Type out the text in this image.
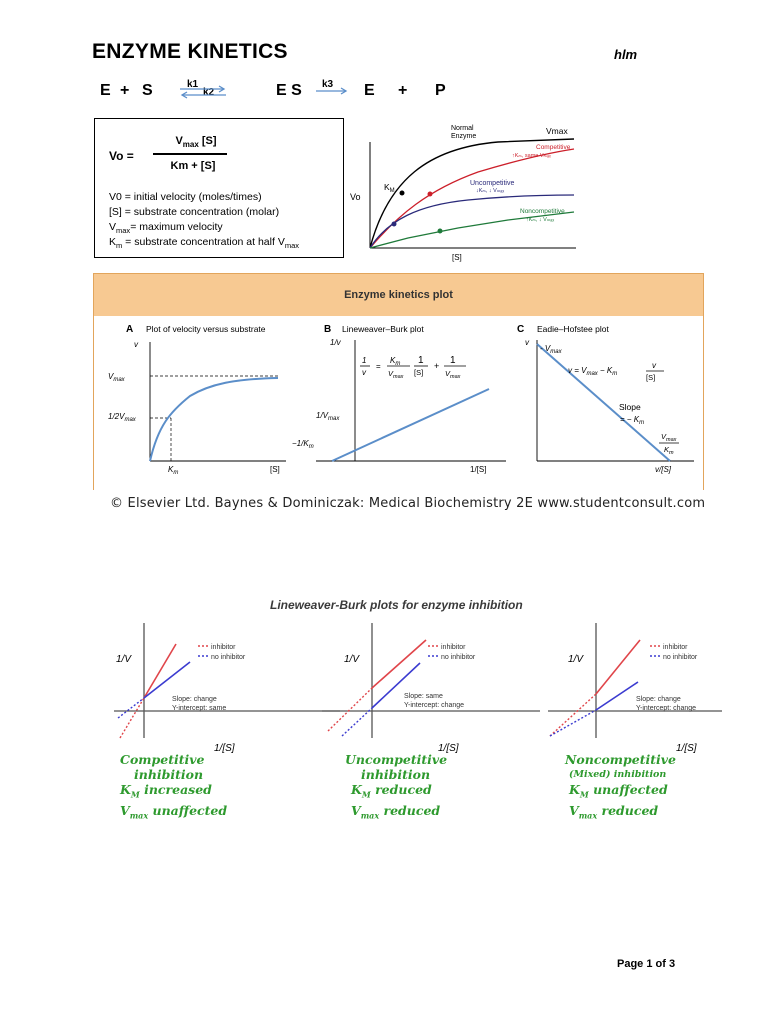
ENZYME KINETICS	hlm
E + S	k1
k2	E S k3 E + P
Vo =
$V_{max}$ [S]
Km + [S]
V0 = initial velocity (moles/times)
[S] = substrate concentration (molar)
$V_{max}=$ maximum velocity
$K_m$ = substrate concentration at half $V_{max}$
Vo
[S]
$K_M$
Normal
Enzyme
Vmax
Competitive
↑Kₘ, same Vₘₐₓ
Uncompetitive
↓Kₘ, ↓ Vₘₐₓ
Noncompetitive
↑Kₘ, ↓ Vₘₐₓ
Enzyme kinetics plot
A Plot of velocity versus substrate
v
$V_{max}$
$1/2V_{max}$
$K_m$	[S]
B Lineweaver–Burk plot
1/v
1
v
=
$K_m$
$V_{max}$
1
[S]
+ 1
$V_{max}$
$1/V_{max}$
$-1/K_m$
1/[S]
C Eadie–Hofstee plot
v
- $V_{max}$
$v = V_{max} - K_m$
v
[S]
Slope
= − $K_m$
$V_{max}$
$K_m$
v/[S]
© Elsevier Ltd. Baynes & Dominiczak: Medical Biochemistry 2E www.studentconsult.com
Lineweaver-Burk plots for enzyme inhibition
1/V
inhibitor
no inhibitor
Slope: change
Y-intercept: same
1/[S]
1/V
inhibitor
no inhibitor
Slope: same
Y-intercept: change
1/[S]
1/V
inhibitor
no inhibitor
Slope: change
Y-intercept: change
1/[S]
Competitive
inhibition
$K_M$ increased
$V_{max}$ unaffected
Uncompetitive
inhibition
$K_M$ reduced
$V_{max}$ reduced
Noncompetitive
(Mixed) inhibition
$K_M$ unaffected
$V_{max}$ reduced
Page 1 of 3
